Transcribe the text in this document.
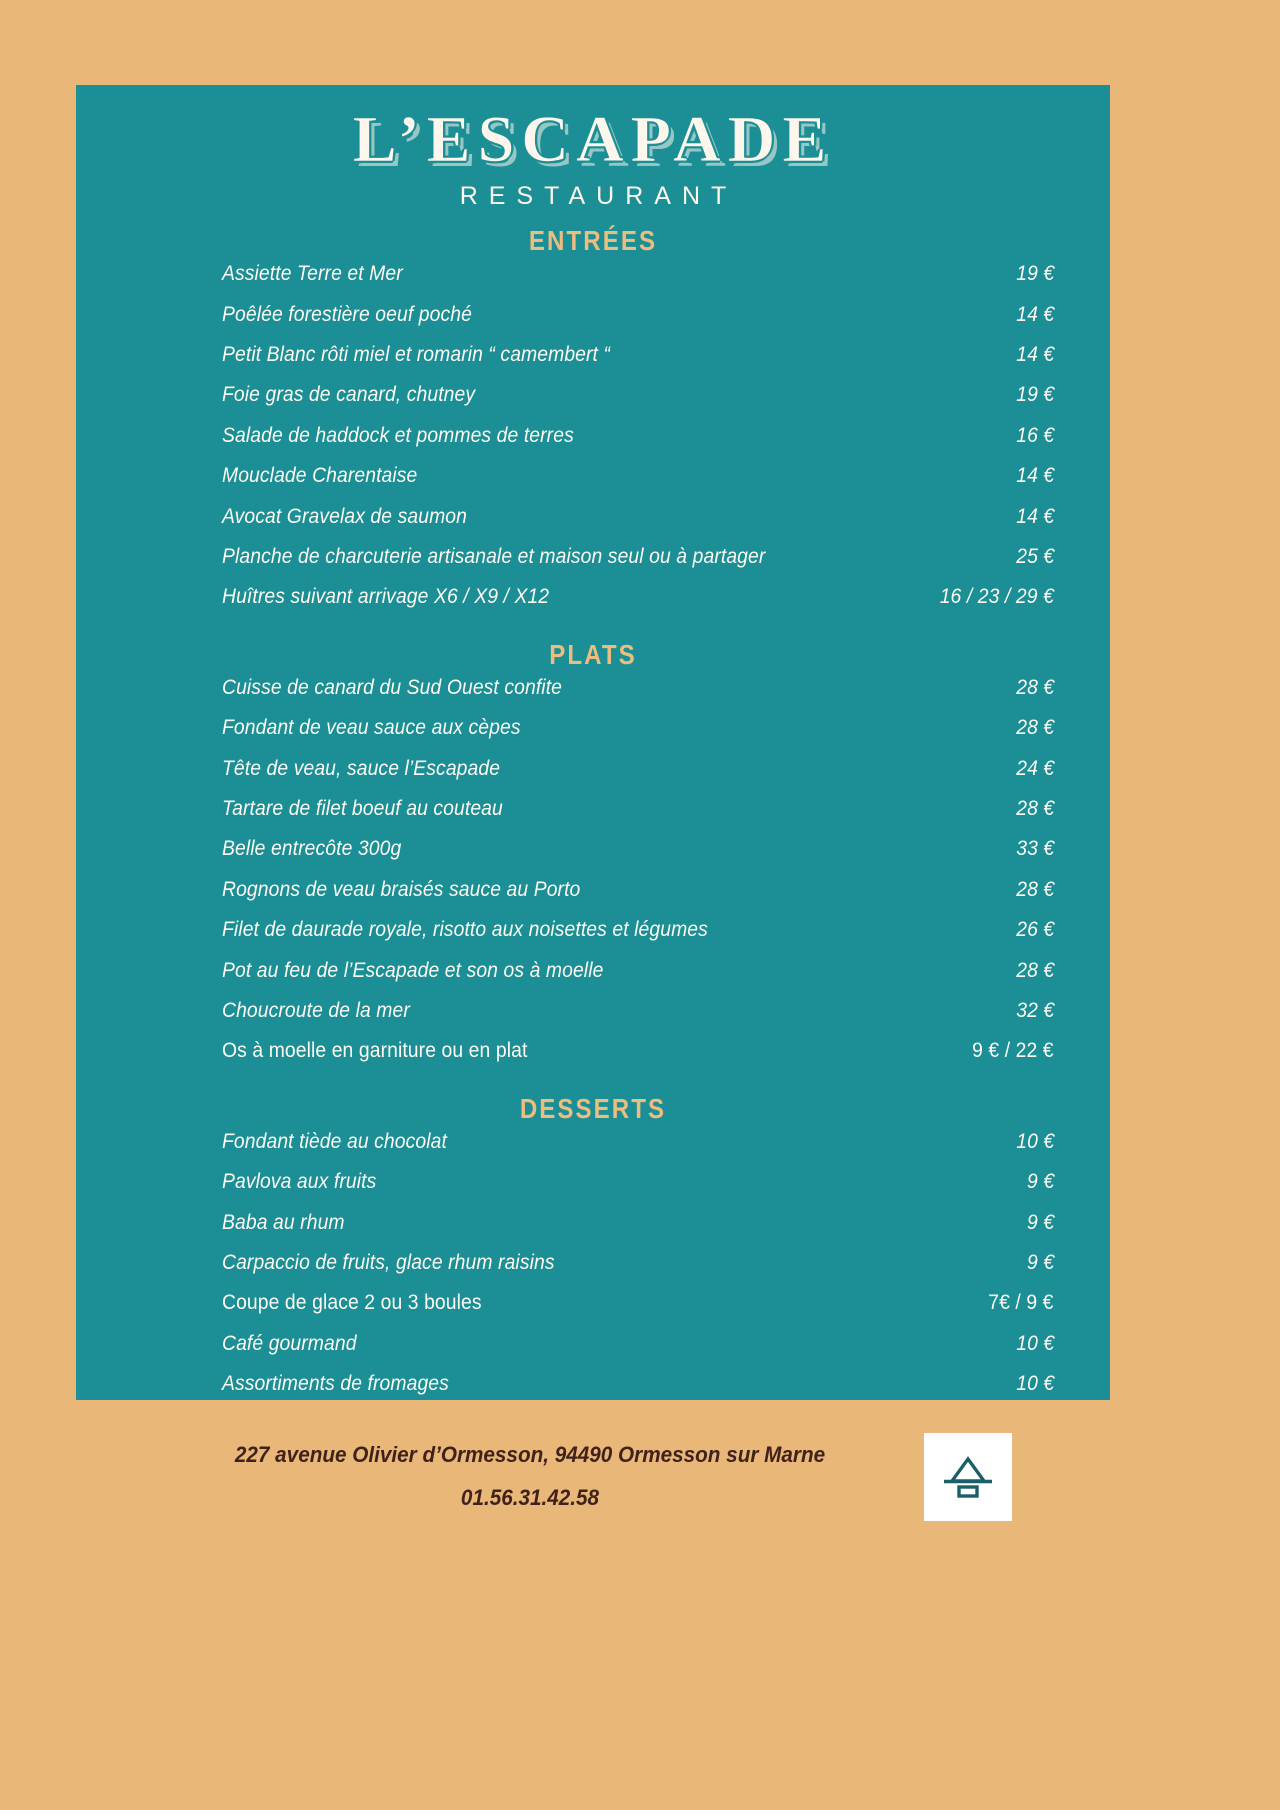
L’ESCAPADE
RESTAURANT
ENTRÉES
Assiette Terre et Mer	19 €
Poêlée forestière oeuf poché	14 €
Petit Blanc rôti miel et romarin “ camembert “	14 €
Foie gras de canard, chutney	19 €
Salade de haddock et pommes de terres	16 €
Mouclade Charentaise	14 €
Avocat Gravelax de saumon	14 €
Planche de charcuterie artisanale et maison seul ou à partager	25 €
Huîtres suivant arrivage X6 / X9 / X12	16 / 23 / 29 €
PLATS
Cuisse de canard du Sud Ouest confite	28 €
Fondant de veau sauce aux cèpes	28 €
Tête de veau, sauce l’Escapade	24 €
Tartare de filet boeuf au couteau	28 €
Belle entrecôte 300g	33 €
Rognons de veau braisés sauce au Porto	28 €
Filet de daurade royale, risotto aux noisettes et légumes	26 €
Pot au feu de l’Escapade et son os à moelle	28 €
Choucroute de la mer	32 €
Os à moelle en garniture ou en plat	9 € / 22 €
DESSERTS
Fondant tiède au chocolat	10 €
Pavlova aux fruits	9 €
Baba au rhum	9 €
Carpaccio de fruits, glace rhum raisins	9 €
Coupe de glace 2 ou 3 boules	7€ / 9 €
Café gourmand	10 €
Assortiments de fromages	10 €
227 avenue Olivier d’Ormesson, 94490 Ormesson sur Marne
01.56.31.42.58
